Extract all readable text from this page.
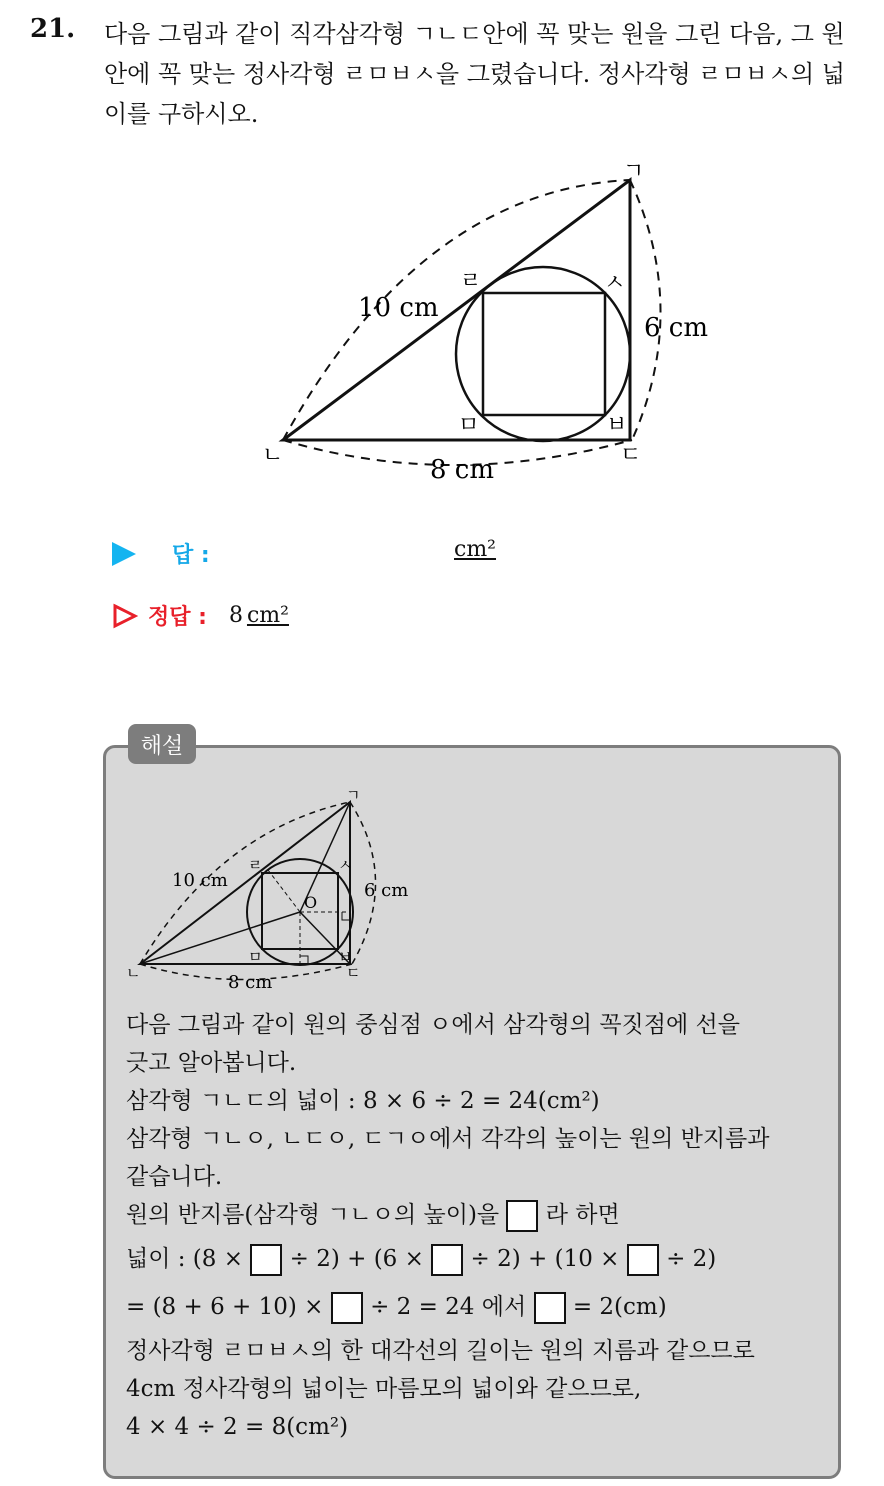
21. 다음 그림과 같이 직각삼각형 ㄱㄴㄷ안에 꼭 맞는 원을 그린 다음, 그 원 안에 꼭 맞는 정사각형 ㄹㅁㅂㅅ을 그렸습니다. 정사각형 ㄹㅁㅂㅅ의 넓이를 구하시오.
ㄱ
ㄴ	ㄷ
ㄹ
ㅁ	ㅂ
ㅅ
10 cm
6 cm
8 cm
답 :	cm²
정답 : 8 cm²
해설
ㄱ
ㄴ	ㄷ
ㄹ
ㅁ	ㅂ
ㅅ
O
10 cm	6 cm
8 cm
다음 그림과 같이 원의 중심점 ㅇ에서 삼각형의 꼭짓점에 선을
긋고 알아봅니다.
삼각형 ㄱㄴㄷ의 넓이 : 8 × 6 ÷ 2 = 24(cm²)
삼각형 ㄱㄴㅇ, ㄴㄷㅇ, ㄷㄱㅇ에서 각각의 높이는 원의 반지름과
같습니다.
원의 반지름(삼각형 ㄱㄴㅇ의 높이)을 라 하면
넓이 : (8 × ÷ 2) + (6 × ÷ 2) + (10 × ÷ 2)
= (8 + 6 + 10) × ÷ 2 = 24 에서 = 2(cm)
정사각형 ㄹㅁㅂㅅ의 한 대각선의 길이는 원의 지름과 같으므로
4cm 정사각형의 넓이는 마름모의 넓이와 같으므로,
4 × 4 ÷ 2 = 8(cm²)
